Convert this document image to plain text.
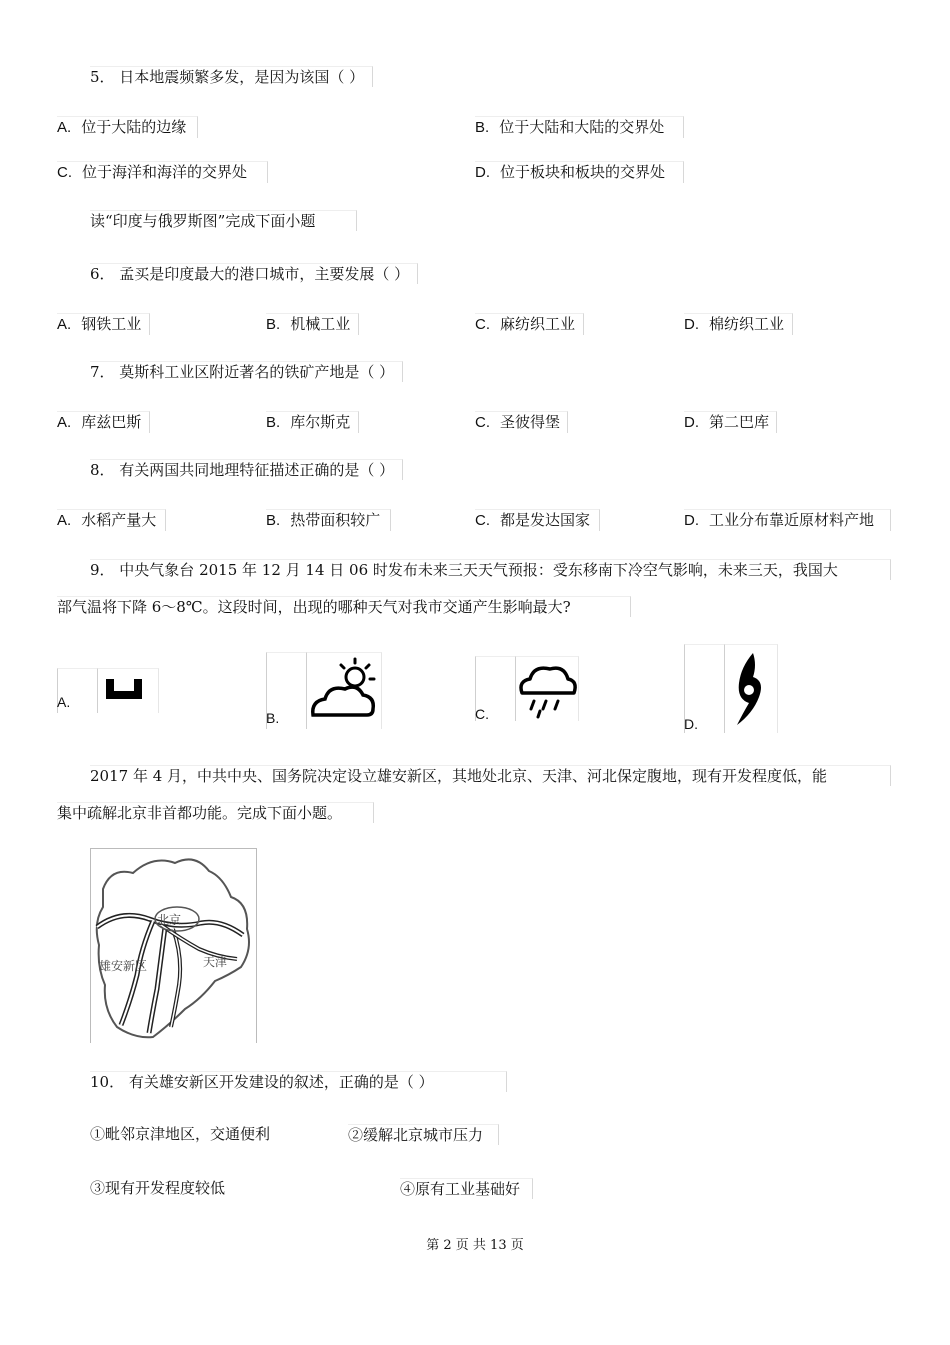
5． 日本地震频繁多发，是因为该国（ ）
A. 位于大陆的边缘	B. 位于大陆和大陆的交界处
C. 位于海洋和海洋的交界处	D. 位于板块和板块的交界处
读“印度与俄罗斯图”完成下面小题
6． 孟买是印度最大的港口城市，主要发展（ ）
A. 钢铁工业	B. 机械工业	C. 麻纺织工业	D. 棉纺织工业
7． 莫斯科工业区附近著名的铁矿产地是（ ）
A. 库兹巴斯	B. 库尔斯克	C. 圣彼得堡	D. 第二巴库
8． 有关两国共同地理特征描述正确的是（ ）
A. 水稻产量大	B. 热带面积较广	C. 都是发达国家	D. 工业分布靠近原材料产地
9． 中央气象台 2015 年 12 月 14 日 06 时发布未来三天天气预报：受东移南下冷空气影响，未来三天，我国大
部气温将下降 6～8℃。这段时间，出现的哪种天气对我市交通产生影响最大?
A.
B.	C.
D.
2017 年 4 月，中共中央、国务院决定设立雄安新区，其地处北京、天津、河北保定腹地，现有开发程度低，能
集中疏解北京非首都功能。完成下面小题。
北京
天津
雄安新区
10． 有关雄安新区开发建设的叙述，正确的是（ ）
①毗邻京津地区，交通便利	②缓解北京城市压力
③现有开发程度较低	④原有工业基础好
第 2 页 共 13 页
